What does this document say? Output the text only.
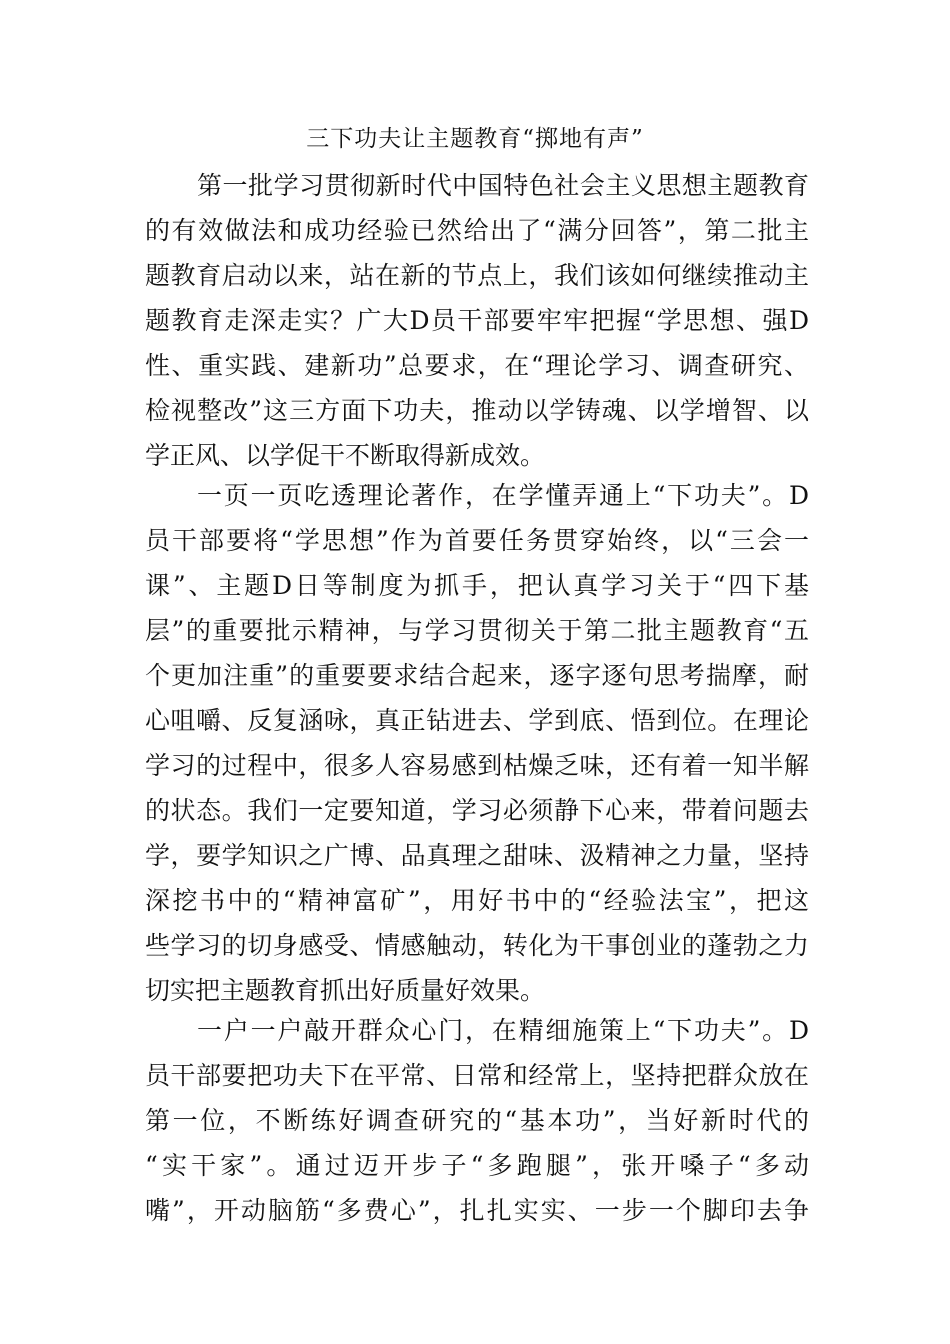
三下功夫让主题教育“掷地有声”
第一批学习贯彻新时代中国特色社会主义思想主题教育
的有效做法和成功经验已然给出了“满分回答”，第二批主
题教育启动以来，站在新的节点上，我们该如何继续推动主
题教育走深走实？广大D员干部要牢牢把握“学思想、强D
性、重实践、建新功”总要求，在“理论学习、调查研究、
检视整改”这三方面下功夫，推动以学铸魂、以学增智、以
学正风、以学促干不断取得新成效。
一页一页吃透理论著作，在学懂弄通上“下功夫”。D
员干部要将“学思想”作为首要任务贯穿始终，以“三会一
课”、主题D日等制度为抓手，把认真学习关于“四下基
层”的重要批示精神，与学习贯彻关于第二批主题教育“五
个更加注重”的重要要求结合起来，逐字逐句思考揣摩，耐
心咀嚼、反复涵咏，真正钻进去、学到底、悟到位。在理论
学习的过程中，很多人容易感到枯燥乏味，还有着一知半解
的状态。我们一定要知道，学习必须静下心来，带着问题去
学，要学知识之广博、品真理之甜味、汲精神之力量，坚持
深挖书中的“精神富矿”，用好书中的“经验法宝”，把这
些学习的切身感受、情感触动，转化为干事创业的蓬勃之力
切实把主题教育抓出好质量好效果。
一户一户敲开群众心门，在精细施策上“下功夫”。D
员干部要把功夫下在平常、日常和经常上，坚持把群众放在
第一位，不断练好调查研究的“基本功”，当好新时代的
“实干家”。通过迈开步子“多跑腿”，张开嗓子“多动
嘴”，开动脑筋“多费心”，扎扎实实、一步一个脚印去争
